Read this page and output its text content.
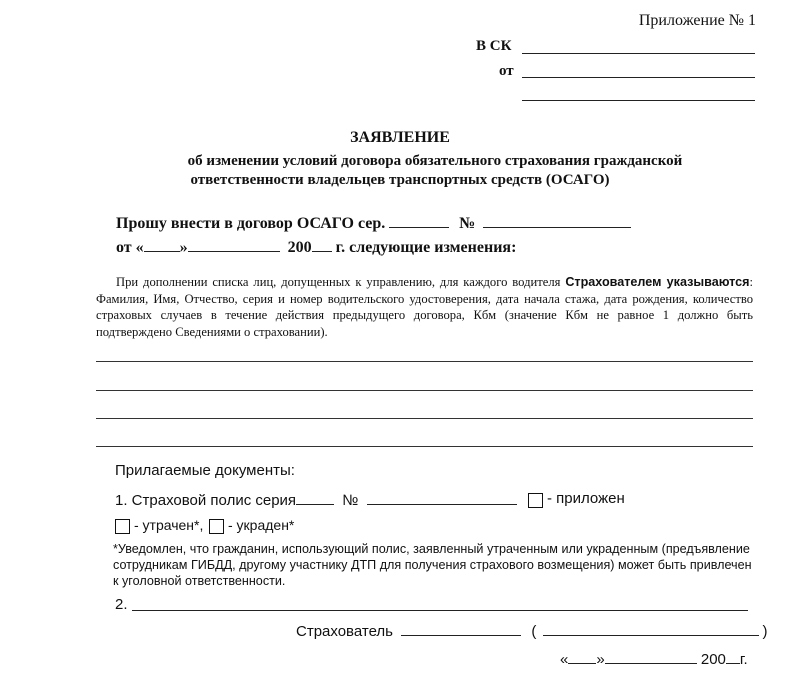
Приложение № 1
В СК
от
ЗАЯВЛЕНИЕ
об изменении условий договора обязательного страхования гражданской
ответственности владельцев транспортных средств (ОСАГО)
Прошу внести в договор ОСАГО сер.	№
от « »	200 г. следующие изменения:
При дополнении списка лиц, допущенных к управлению, для каждого водителя Страхователем указываются: Фамилия, Имя, Отчество, серия и номер водительского удостоверения, дата начала стажа, дата рождения, количество страховых случаев в течение действия предыдущего договора, Кбм (значение Кбм не равное 1 должно быть подтверждено Сведениями о страховании).
Прилагаемые документы:
1. Страховой полис серия	№	- приложен
- утрачен*, - украден*
*Уведомлен, что гражданин, использующий полис, заявленный утраченным или украденным (предъявление сотрудникам ГИБДД, другому участнику ДТП для получения страхового возмещения) может быть привлечен к уголовной ответственности.
2.
Страхователь	(	)
« »	200 г.
